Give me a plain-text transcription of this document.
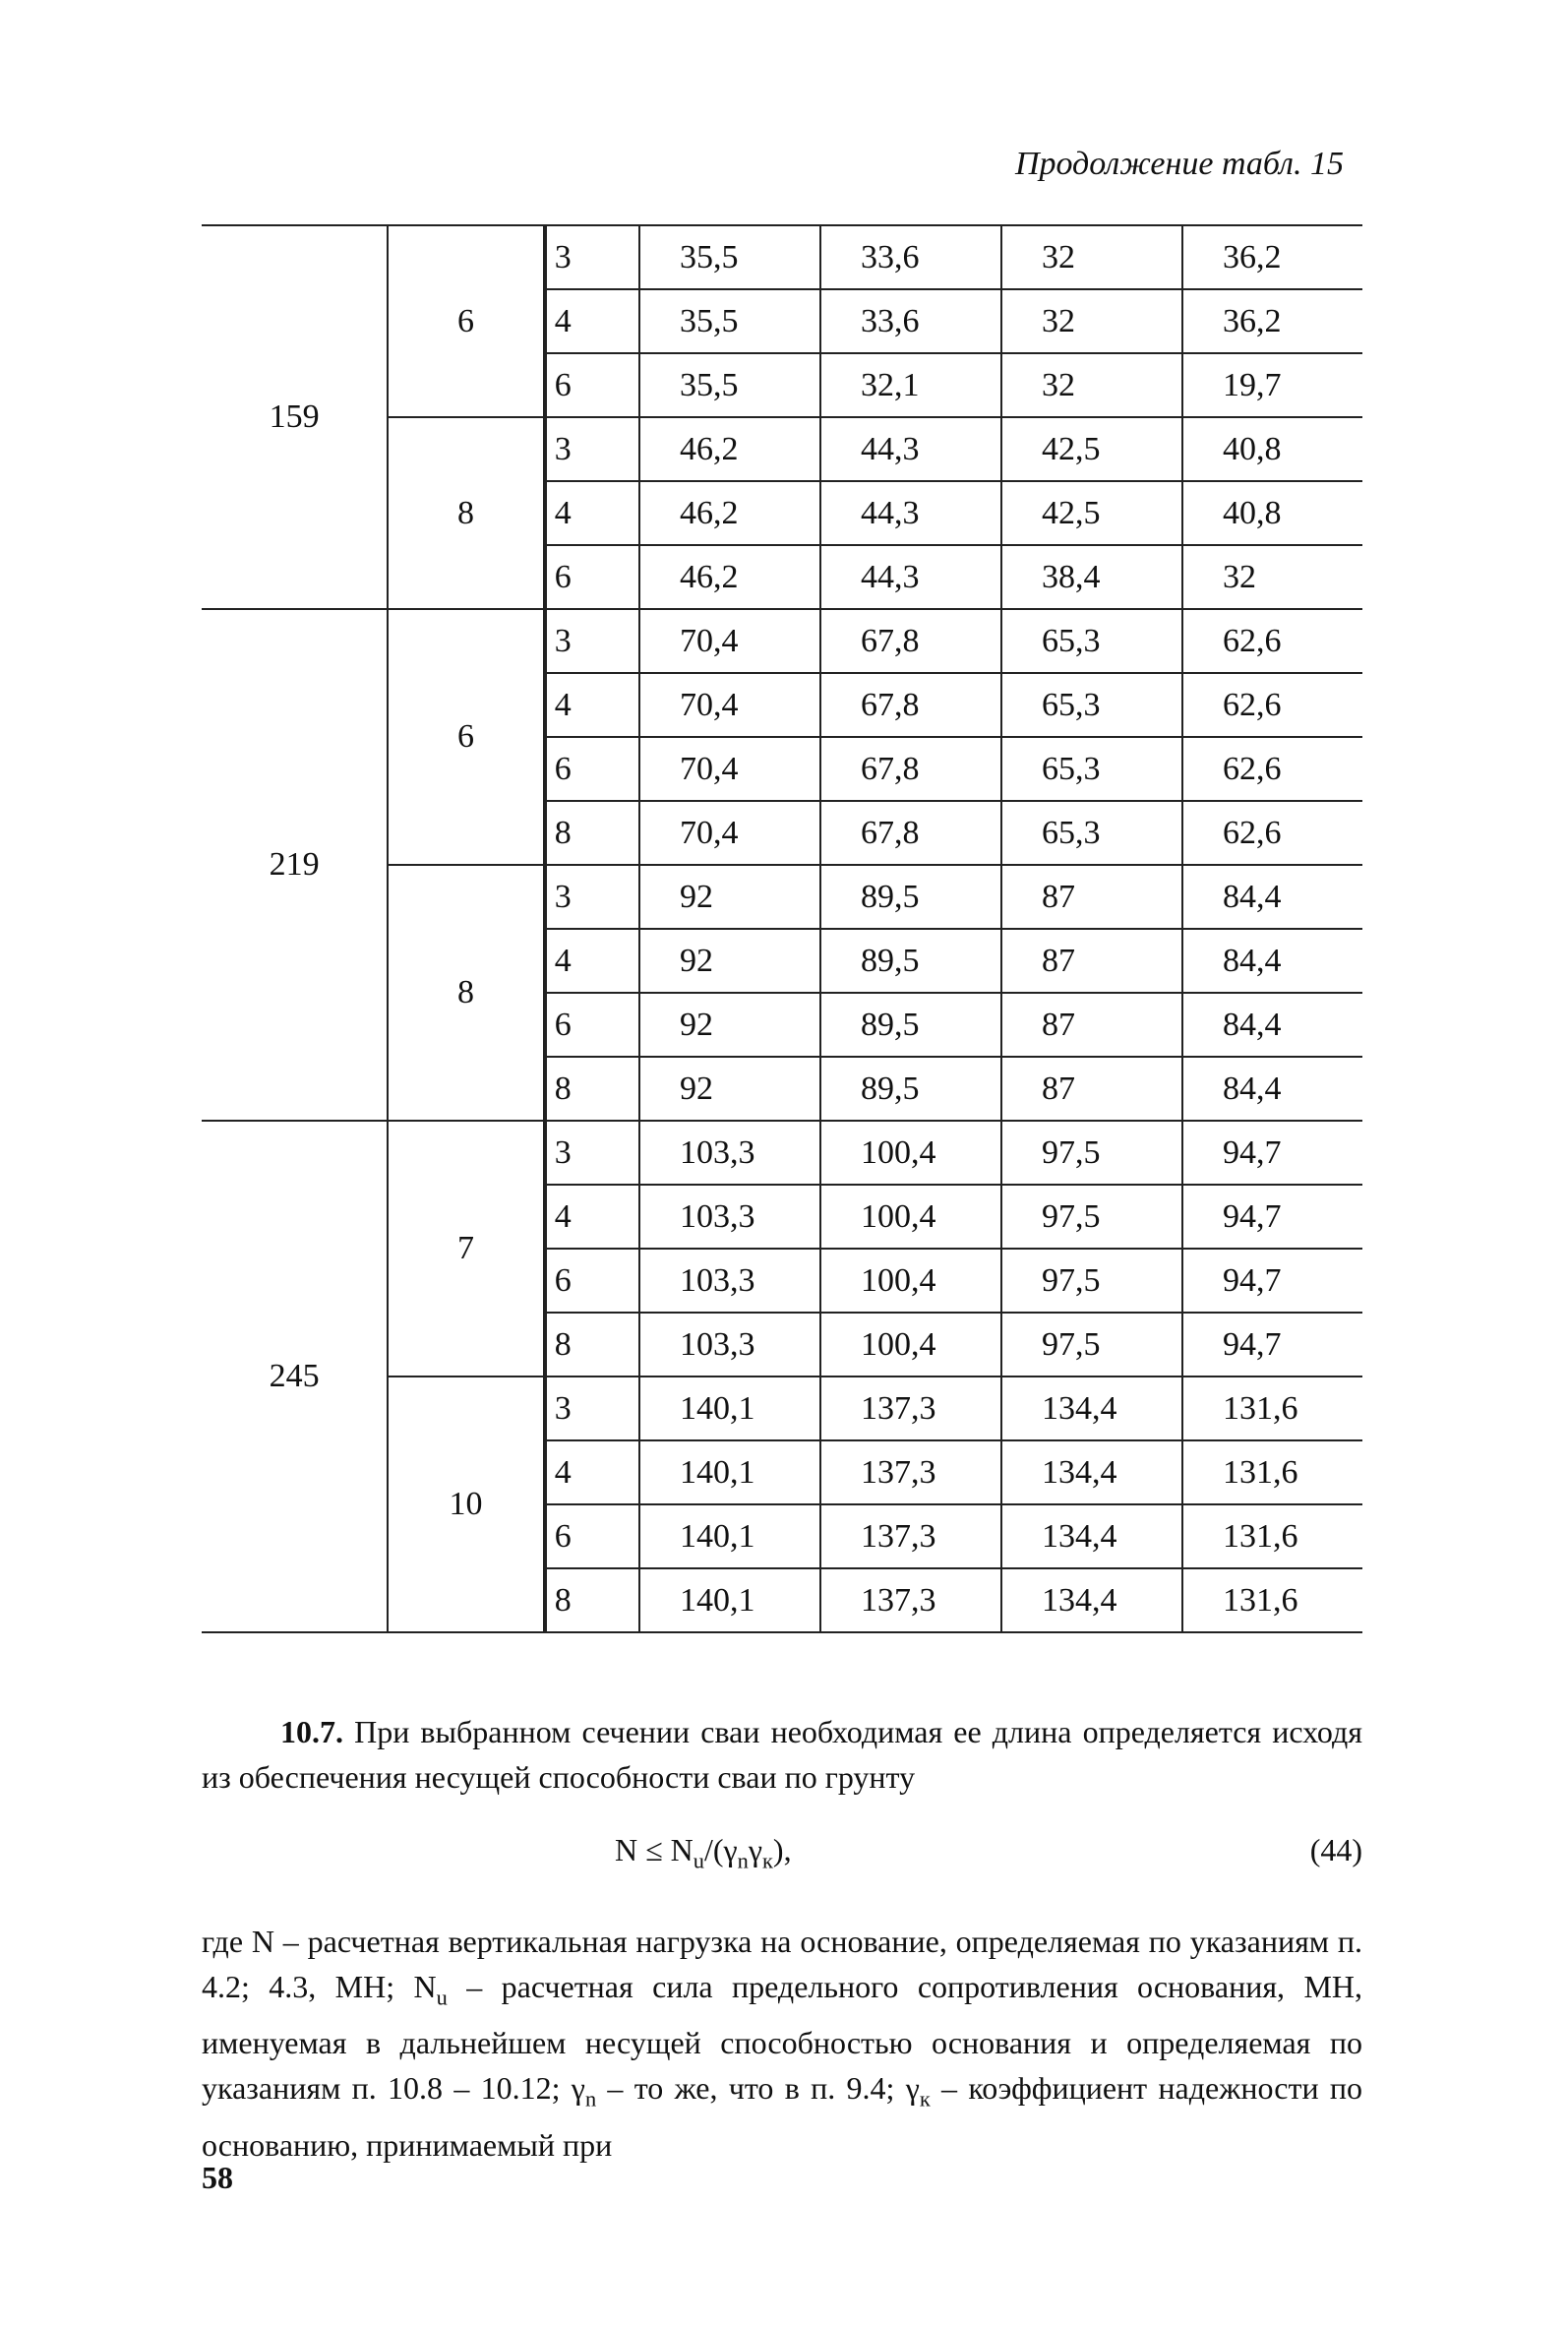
Продолжение табл. 15
159	6	3	35,5	33,6	32	36,2
		4	35,5	33,6	32	36,2
		6	35,5	32,1	32	19,7
	8	3	46,2	44,3	42,5	40,8
		4	46,2	44,3	42,5	40,8
		6	46,2	44,3	38,4	32
219	6	3	70,4	67,8	65,3	62,6
		4	70,4	67,8	65,3	62,6
		6	70,4	67,8	65,3	62,6
		8	70,4	67,8	65,3	62,6
	8	3	92	89,5	87	84,4
		4	92	89,5	87	84,4
		6	92	89,5	87	84,4
		8	92	89,5	87	84,4
245	7	3	103,3	100,4	97,5	94,7
		4	103,3	100,4	97,5	94,7
		6	103,3	100,4	97,5	94,7
		8	103,3	100,4	97,5	94,7
	10	3	140,1	137,3	134,4	131,6
		4	140,1	137,3	134,4	131,6
		6	140,1	137,3	134,4	131,6
		8	140,1	137,3	134,4	131,6
10.7. При выбранном сечении сваи необходимая ее длина определяется исходя из обеспечения несущей способности сваи по грунту
$N \le N_u/(\gamma_n\gamma_к)$,	(44)
где N – расчетная вертикальная нагрузка на основание, определяемая по указаниям п. 4.2; 4.3, МН; $N_u$ – расчетная сила предельного сопротивления основания, МН, именуемая в дальнейшем несущей способностью основания и определяемая по указаниям п. 10.8 – 10.12; $\gamma_n$ – то же, что в п. 9.4; $\gamma_к$ – коэффициент надежности по основанию, принимаемый при
58
